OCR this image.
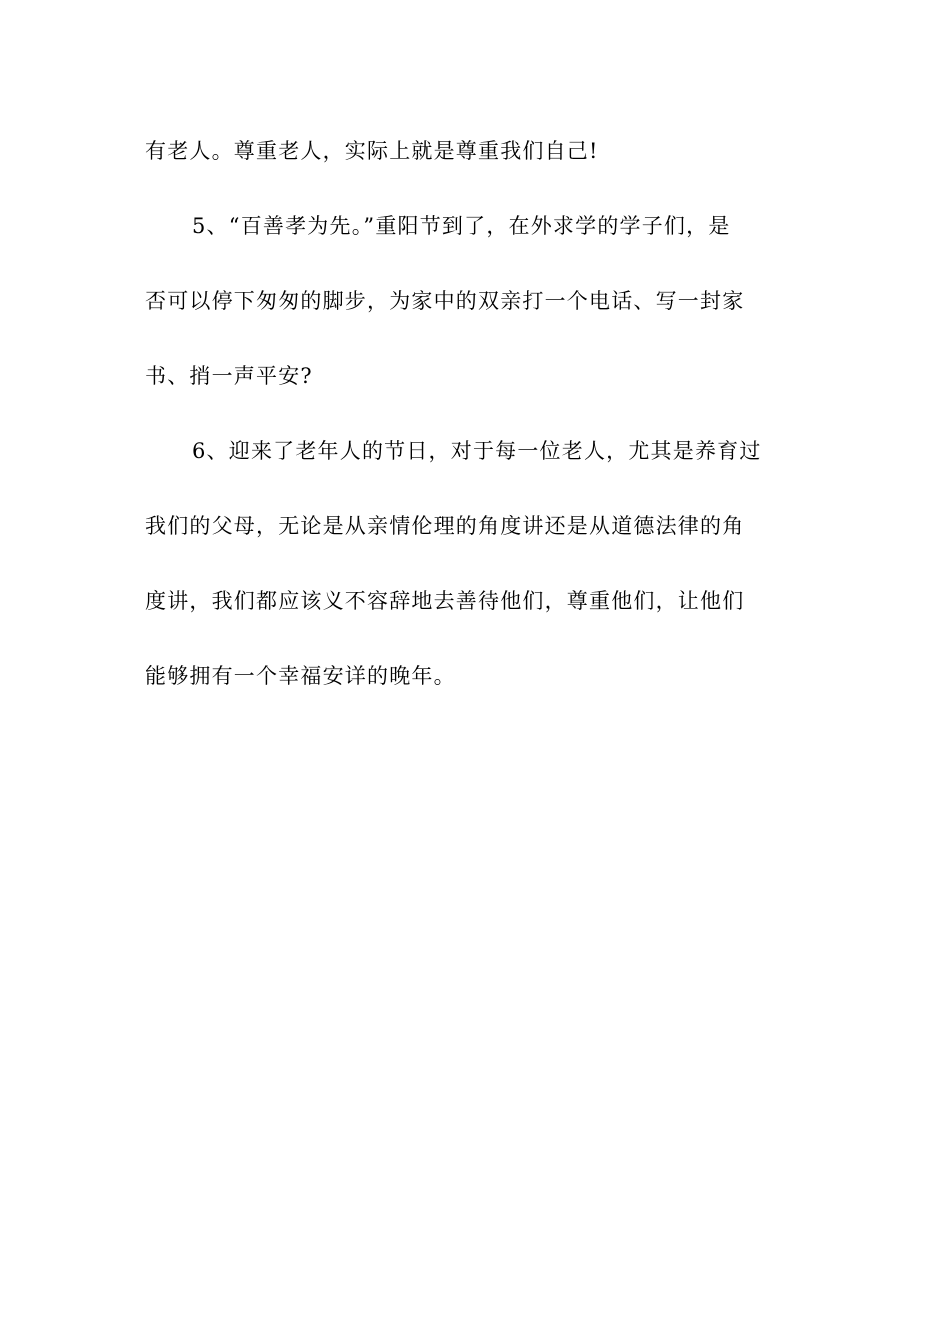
有老人。尊重老人，实际上就是尊重我们自己!
5、“百善孝为先。”重阳节到了，在外求学的学子们，是
否可以停下匆匆的脚步，为家中的双亲打一个电话、写一封家
书、捎一声平安?
6、迎来了老年人的节日，对于每一位老人，尤其是养育过
我们的父母，无论是从亲情伦理的角度讲还是从道德法律的角
度讲，我们都应该义不容辞地去善待他们，尊重他们，让他们
能够拥有一个幸福安详的晚年。
